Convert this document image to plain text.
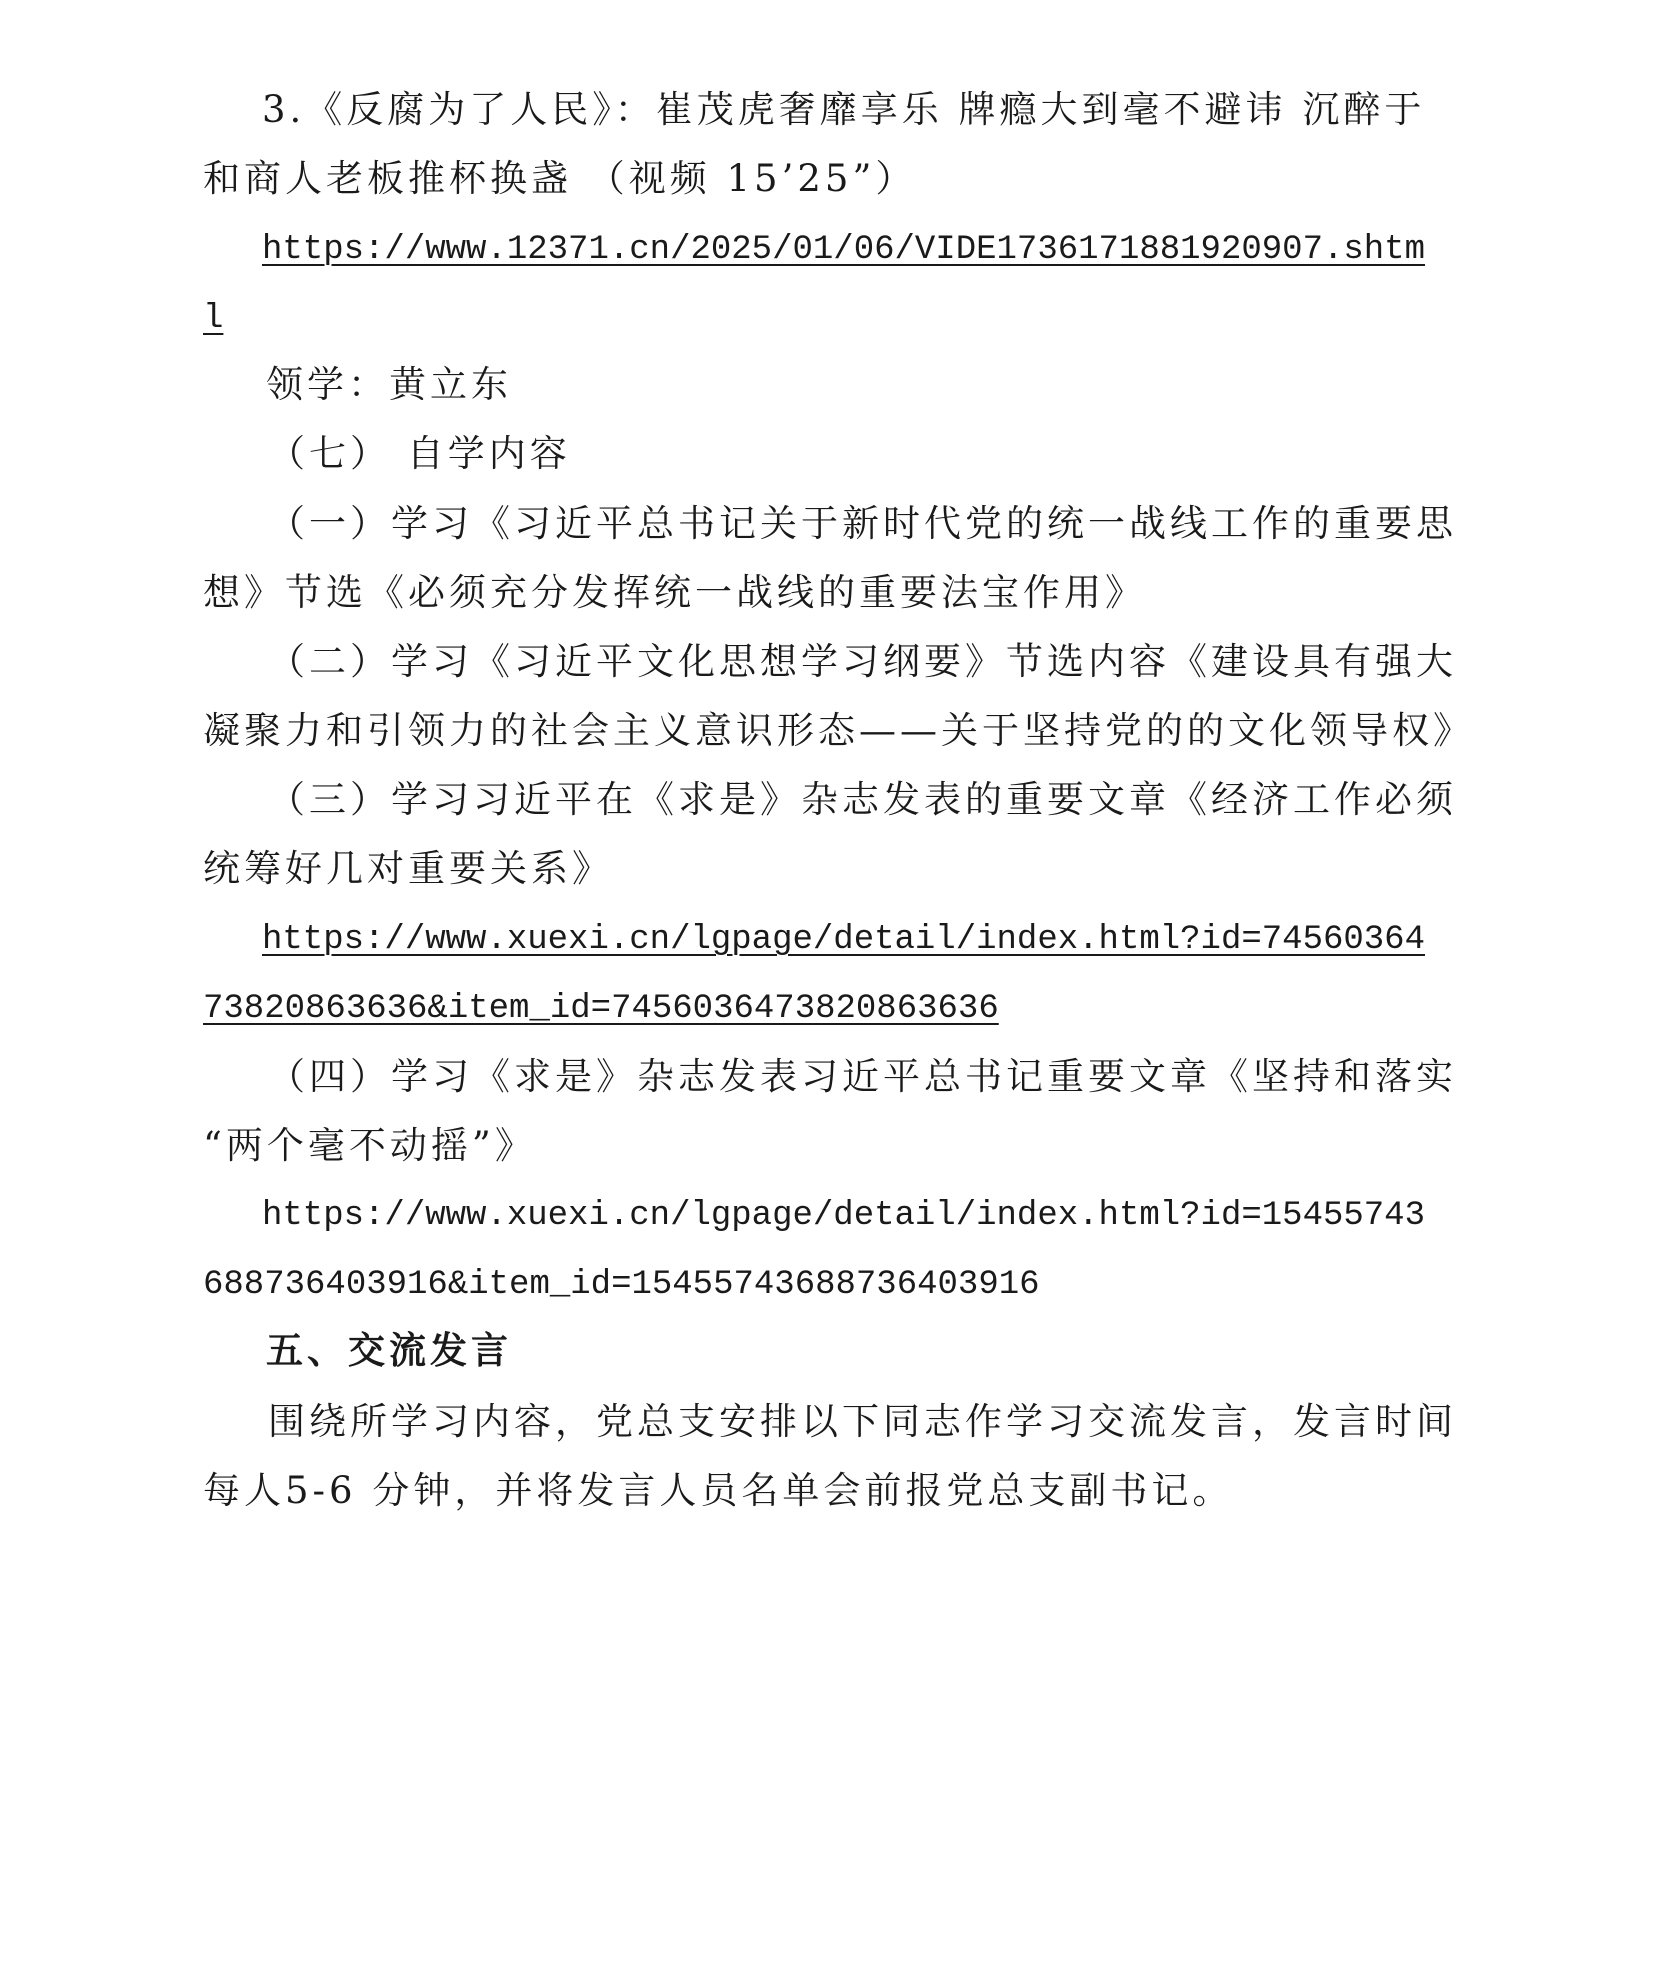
3.《反腐为了人民》：崔茂虎奢靡享乐 牌瘾大到毫不避讳 沉醉于
和商人老板推杯换盏 （视频 15’25”）
https://www.12371.cn/2025/01/06/VIDE1736171881920907.shtm
l
领学：黄立东
（七） 自学内容
（一）学习《习近平总书记关于新时代党的统一战线工作的重要思
想》节选《必须充分发挥统一战线的重要法宝作用》
（二）学习《习近平文化思想学习纲要》节选内容《建设具有强大
凝聚力和引领力的社会主义意识形态——关于坚持党的的文化领导权》
（三）学习习近平在《求是》杂志发表的重要文章《经济工作必须
统筹好几对重要关系》
https://www.xuexi.cn/lgpage/detail/index.html?id=74560364
73820863636&item_id=7456036473820863636
（四）学习《求是》杂志发表习近平总书记重要文章《坚持和落实
“两个毫不动摇”》
https://www.xuexi.cn/lgpage/detail/index.html?id=15455743
688736403916&item_id=15455743688736403916
五、交流发言
围绕所学习内容，党总支安排以下同志作学习交流发言，发言时间
每人5-6 分钟，并将发言人员名单会前报党总支副书记。
